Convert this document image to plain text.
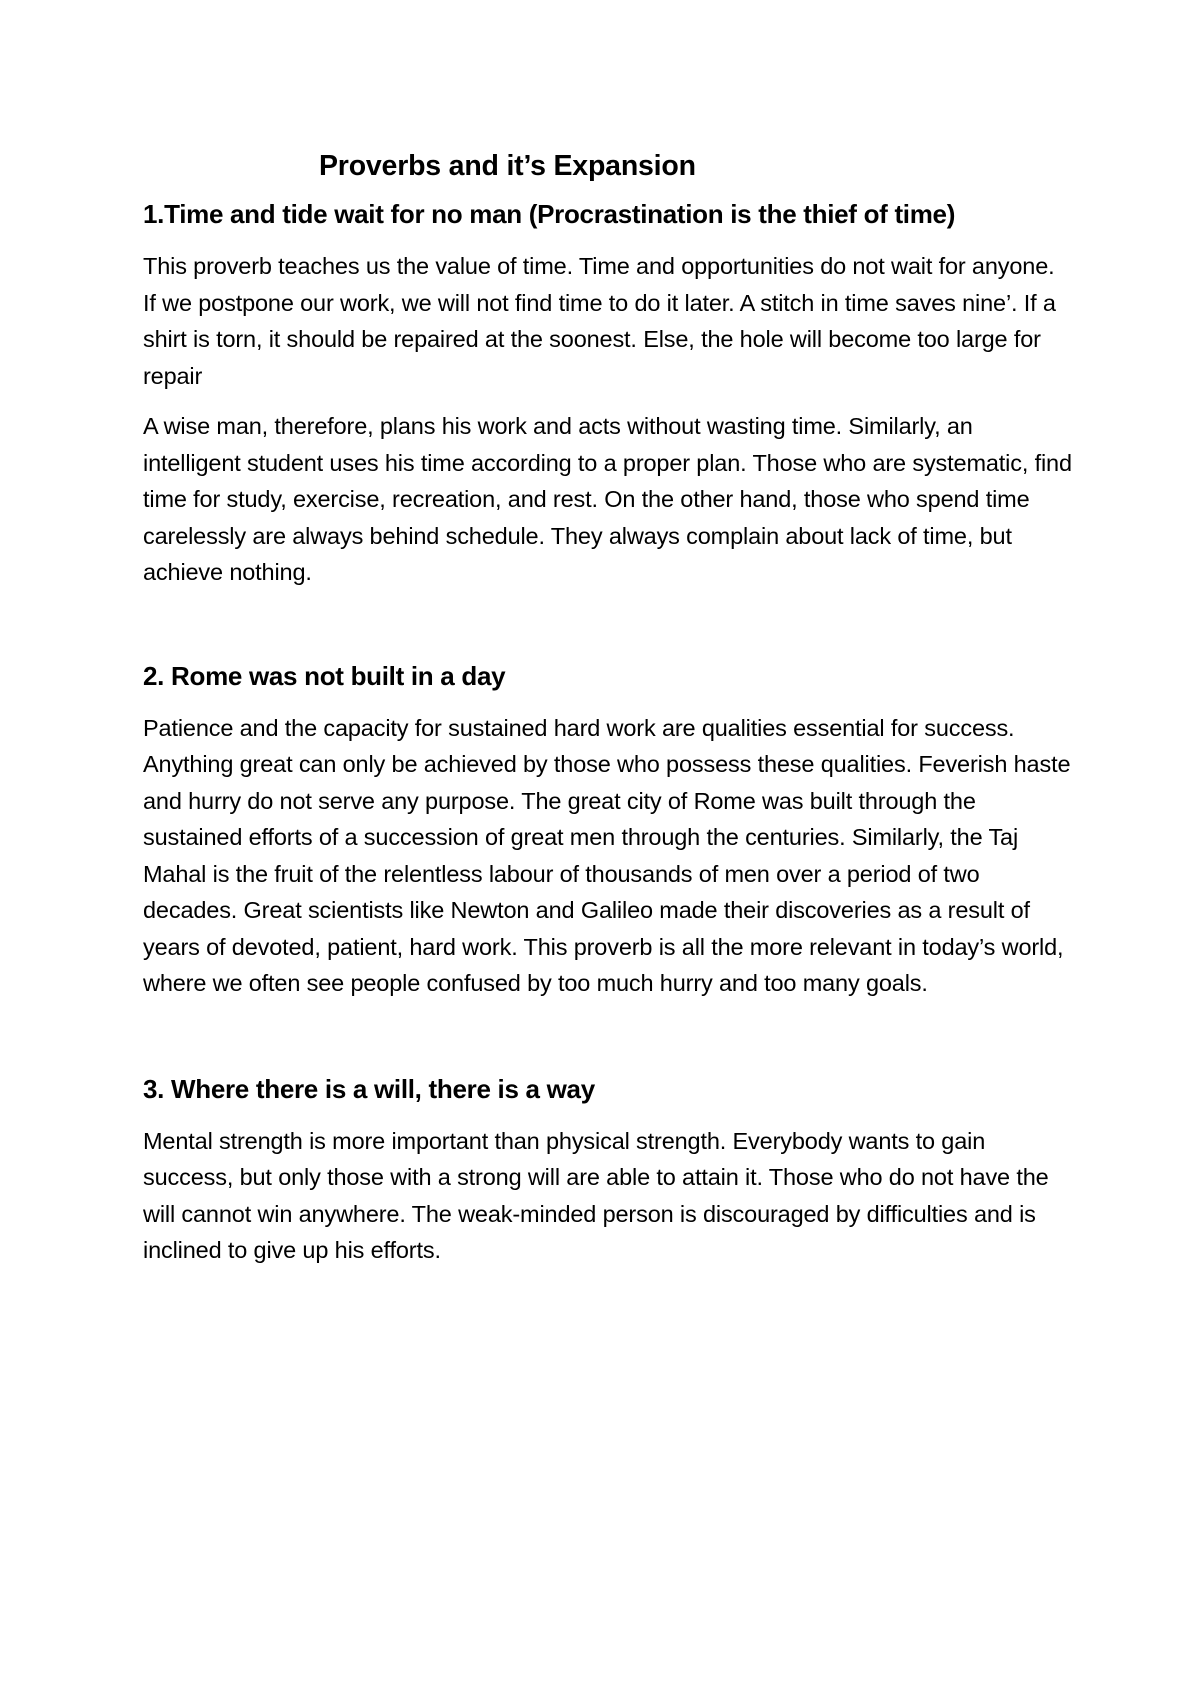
Proverbs and it’s Expansion
1.Time and tide wait for no man (Procrastination is the thief of time)

This proverb teaches us the value of time. Time and opportunities do not wait for anyone. If we postpone our work, we will not find time to do it later. A stitch in time saves nine’. If a shirt is torn, it should be repaired at the soonest. Else, the hole will become too large for repair

A wise man, therefore, plans his work and acts without wasting time. Similarly, an intelligent student uses his time according to a proper plan. Those who are systematic, find time for study, exercise, recreation, and rest. On the other hand, those who spend time carelessly are always behind schedule. They always complain about lack of time, but achieve nothing.

2. Rome was not built in a day

Patience and the capacity for sustained hard work are qualities essential for success. Anything great can only be achieved by those who possess these qualities. Feverish haste and hurry do not serve any purpose. The great city of Rome was built through the sustained efforts of a succession of great men through the centuries. Similarly, the Taj Mahal is the fruit of the relentless labour of thousands of men over a period of two decades. Great scientists like Newton and Galileo made their discoveries as a result of years of devoted, patient, hard work. This proverb is all the more relevant in today’s world, where we often see people confused by too much hurry and too many goals.

3. Where there is a will, there is a way

Mental strength is more important than physical strength. Everybody wants to gain success, but only those with a strong will are able to attain it. Those who do not have the will cannot win anywhere. The weak-minded person is discouraged by difficulties and is inclined to give up his efforts.
